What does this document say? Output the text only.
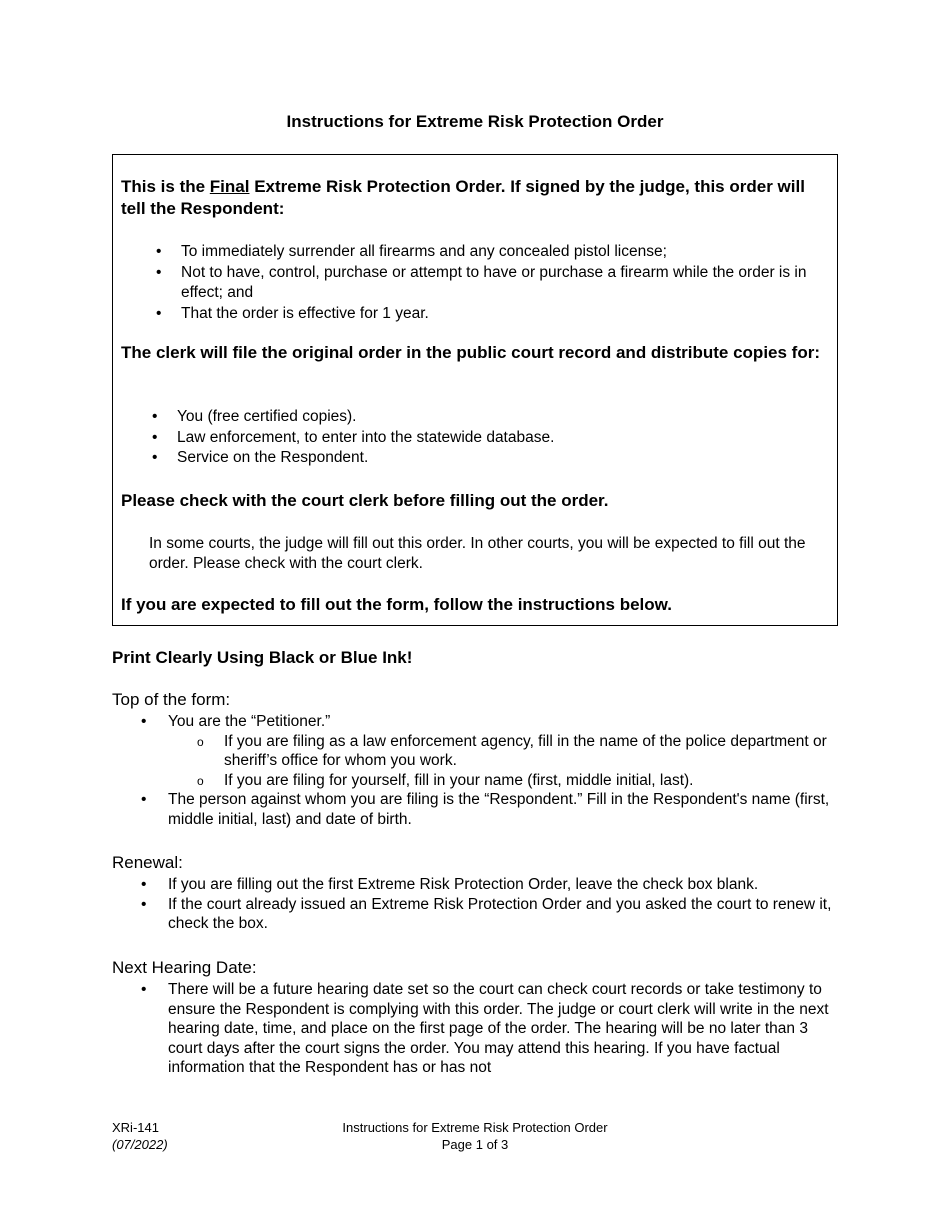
Instructions for Extreme Risk Protection Order
This is the Final Extreme Risk Protection Order. If signed by the judge, this order will tell the Respondent:
• To immediately surrender all firearms and any concealed pistol license;
• Not to have, control, purchase or attempt to have or purchase a firearm while the order is in effect; and
• That the order is effective for 1 year.
The clerk will file the original order in the public court record and distribute copies for:
• You (free certified copies).
• Law enforcement, to enter into the statewide database.
• Service on the Respondent.
Please check with the court clerk before filling out the order.
In some courts, the judge will fill out this order. In other courts, you will be expected to fill out the order. Please check with the court clerk.
If you are expected to fill out the form, follow the instructions below.
Print Clearly Using Black or Blue Ink!
Top of the form:
• You are the “Petitioner.”
o If you are filing as a law enforcement agency, fill in the name of the police department or sheriff’s office for whom you work.
o If you are filing for yourself, fill in your name (first, middle initial, last).
• The person against whom you are filing is the “Respondent.” Fill in the Respondent's name (first, middle initial, last) and date of birth.
Renewal:
• If you are filling out the first Extreme Risk Protection Order, leave the check box blank.
• If the court already issued an Extreme Risk Protection Order and you asked the court to renew it, check the box.
Next Hearing Date:
• There will be a future hearing date set so the court can check court records or take testimony to ensure the Respondent is complying with this order. The judge or court clerk will write in the next hearing date, time, and place on the first page of the order. The hearing will be no later than 3 court days after the court signs the order. You may attend this hearing. If you have factual information that the Respondent has or has not
XRi-141
(07/2022)
Instructions for Extreme Risk Protection Order
Page 1 of 3
